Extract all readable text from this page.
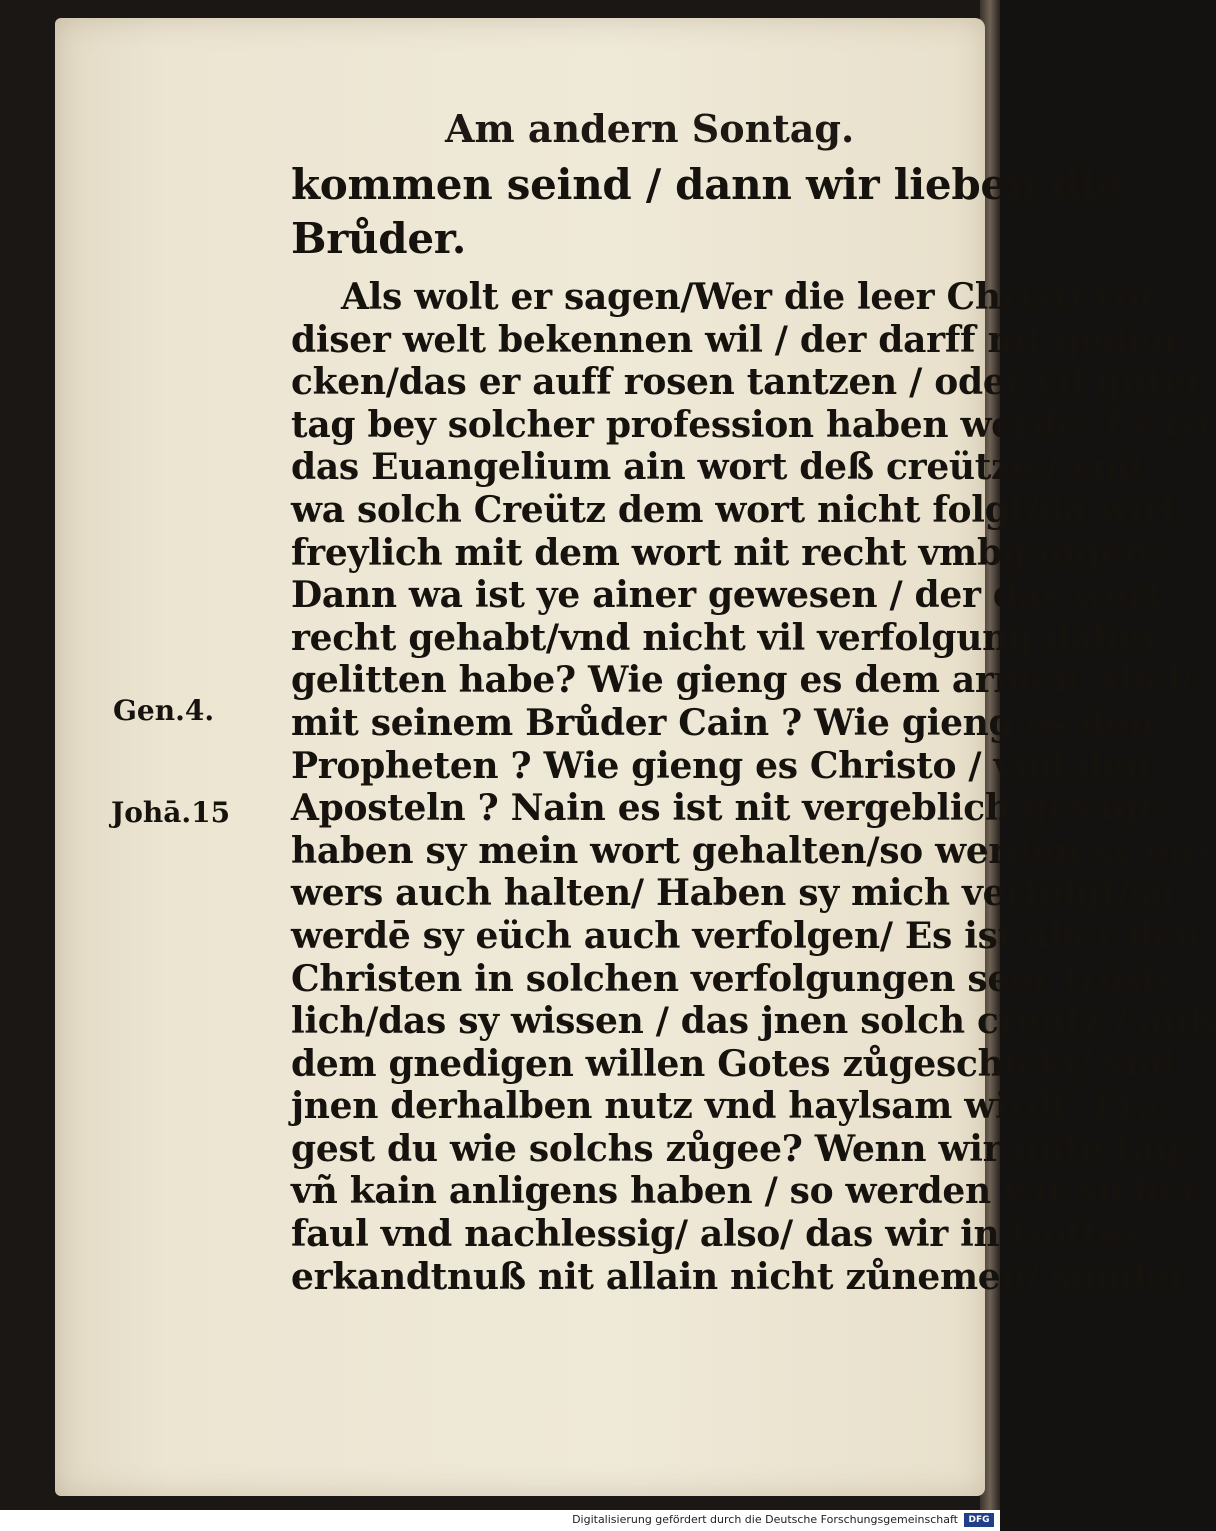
Am andern Sontag.
kommen seind / dann wir lieben die
Brůder.
Als wolt er sagen/Wer die leer Christi vor
diser welt bekennen wil / der darff nit geden-
cken/das er auff rosen tantzen / oder vil gůter
tag bey solcher profession haben werde. Es ist
das Euangelium ain wort deß creütze / vnd
wa solch Creütz dem wort nicht folgt/da wirt
freylich mit dem wort nit recht vmbgangen/
Dann wa ist ye ainer gewesen / der das wort
recht gehabt/vnd nicht vil verfolgung dabey
gelitten habe? Wie gieng es dem armen Abel/
mit seinem Brůder Cain ? Wie gieng es den
Propheten ? Wie gieng es Christo / vnd den
Aposteln ? Nain es ist nit vergeblich gesagt/
haben sy mein wort gehalten/so werden sy eü-
wers auch halten/ Haben sy mich verfolgt/so
werdē sy eüch auch verfolgen/ Es ist aber den
Christen in solchen verfolgungen seer tröst-
lich/das sy wissen / das jnen solch creütz / auß
dem gnedigen willen Gotes zůgeschickt/ vnd
jnen derhalben nutz vnd haylsam wirdt/ Fra-
gest du wie solchs zůgee? Wenn wir gůte tag/
vñ kain anligens haben / so werden wir sicher
faul vnd nachlessig/ also/ das wir in Gottes
erkandtnuß nit allain nicht zůnemen/ sonder
Gen.4.
Johā.15
Digitalisierung gefördert durch die Deutsche Forschungsgemeinschaft	DFG
